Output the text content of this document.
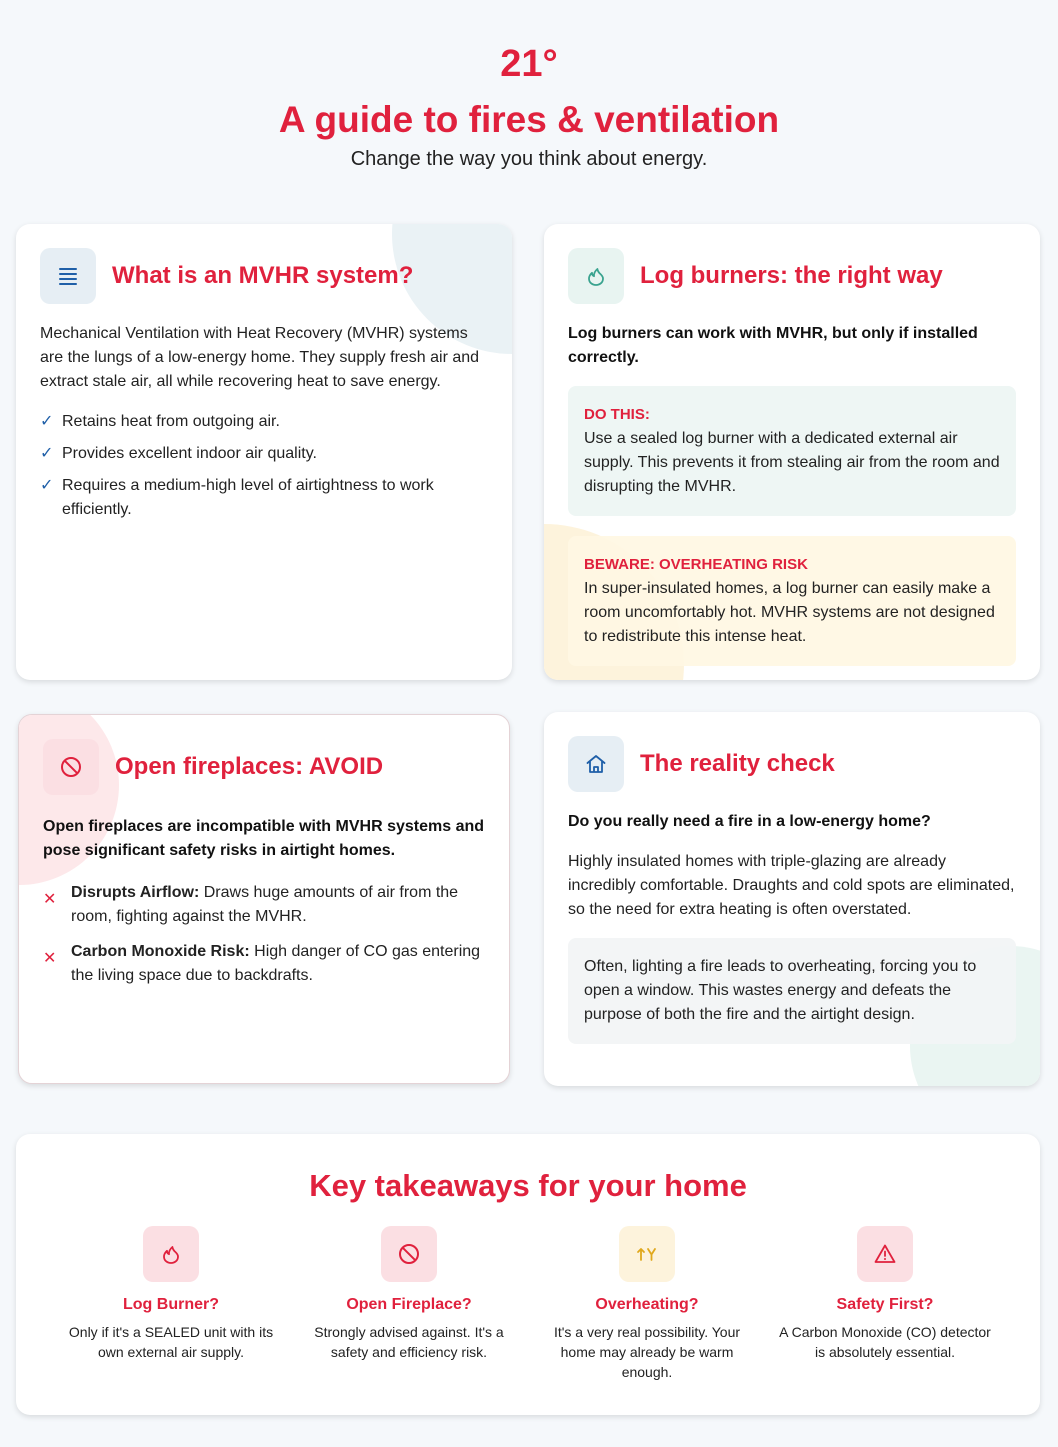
21°
A guide to fires & ventilation
Change the way you think about energy.
What is an MVHR system?

Mechanical Ventilation with Heat Recovery (MVHR) systems are the lungs of a low-energy home. They supply fresh air and extract stale air, all while recovering heat to save energy.

✓ Retains heat from outgoing air.
✓ Provides excellent indoor air quality.
✓ Requires a medium-high level of airtightness to work efficiently.
Log burners: the right way

Log burners can work with MVHR, but only if installed correctly.

DO THIS:
Use a sealed log burner with a dedicated external air supply. This prevents it from stealing air from the room and disrupting the MVHR.
BEWARE: OVERHEATING RISK
In super-insulated homes, a log burner can easily make a room uncomfortably hot. MVHR systems are not designed to redistribute this intense heat.
Open fireplaces: AVOID

Open fireplaces are incompatible with MVHR systems and pose significant safety risks in airtight homes.

✕ Disrupts Airflow: Draws huge amounts of air from the room, fighting against the MVHR.
✕ Carbon Monoxide Risk: High danger of CO gas entering the living space due to backdrafts.
The reality check

Do you really need a fire in a low-energy home?

Highly insulated homes with triple-glazing are already incredibly comfortable. Draughts and cold spots are eliminated, so the need for extra heating is often overstated.

Often, lighting a fire leads to overheating, forcing you to open a window. This wastes energy and defeats the purpose of both the fire and the airtight design.
Key takeaways for your home
Log Burner?
Only if it's a SEALED unit with its own external air supply.
Open Fireplace?
Strongly advised against. It's a safety and efficiency risk.
Overheating?
It's a very real possibility. Your home may already be warm enough.
Safety First?
A Carbon Monoxide (CO) detector is absolutely essential.
